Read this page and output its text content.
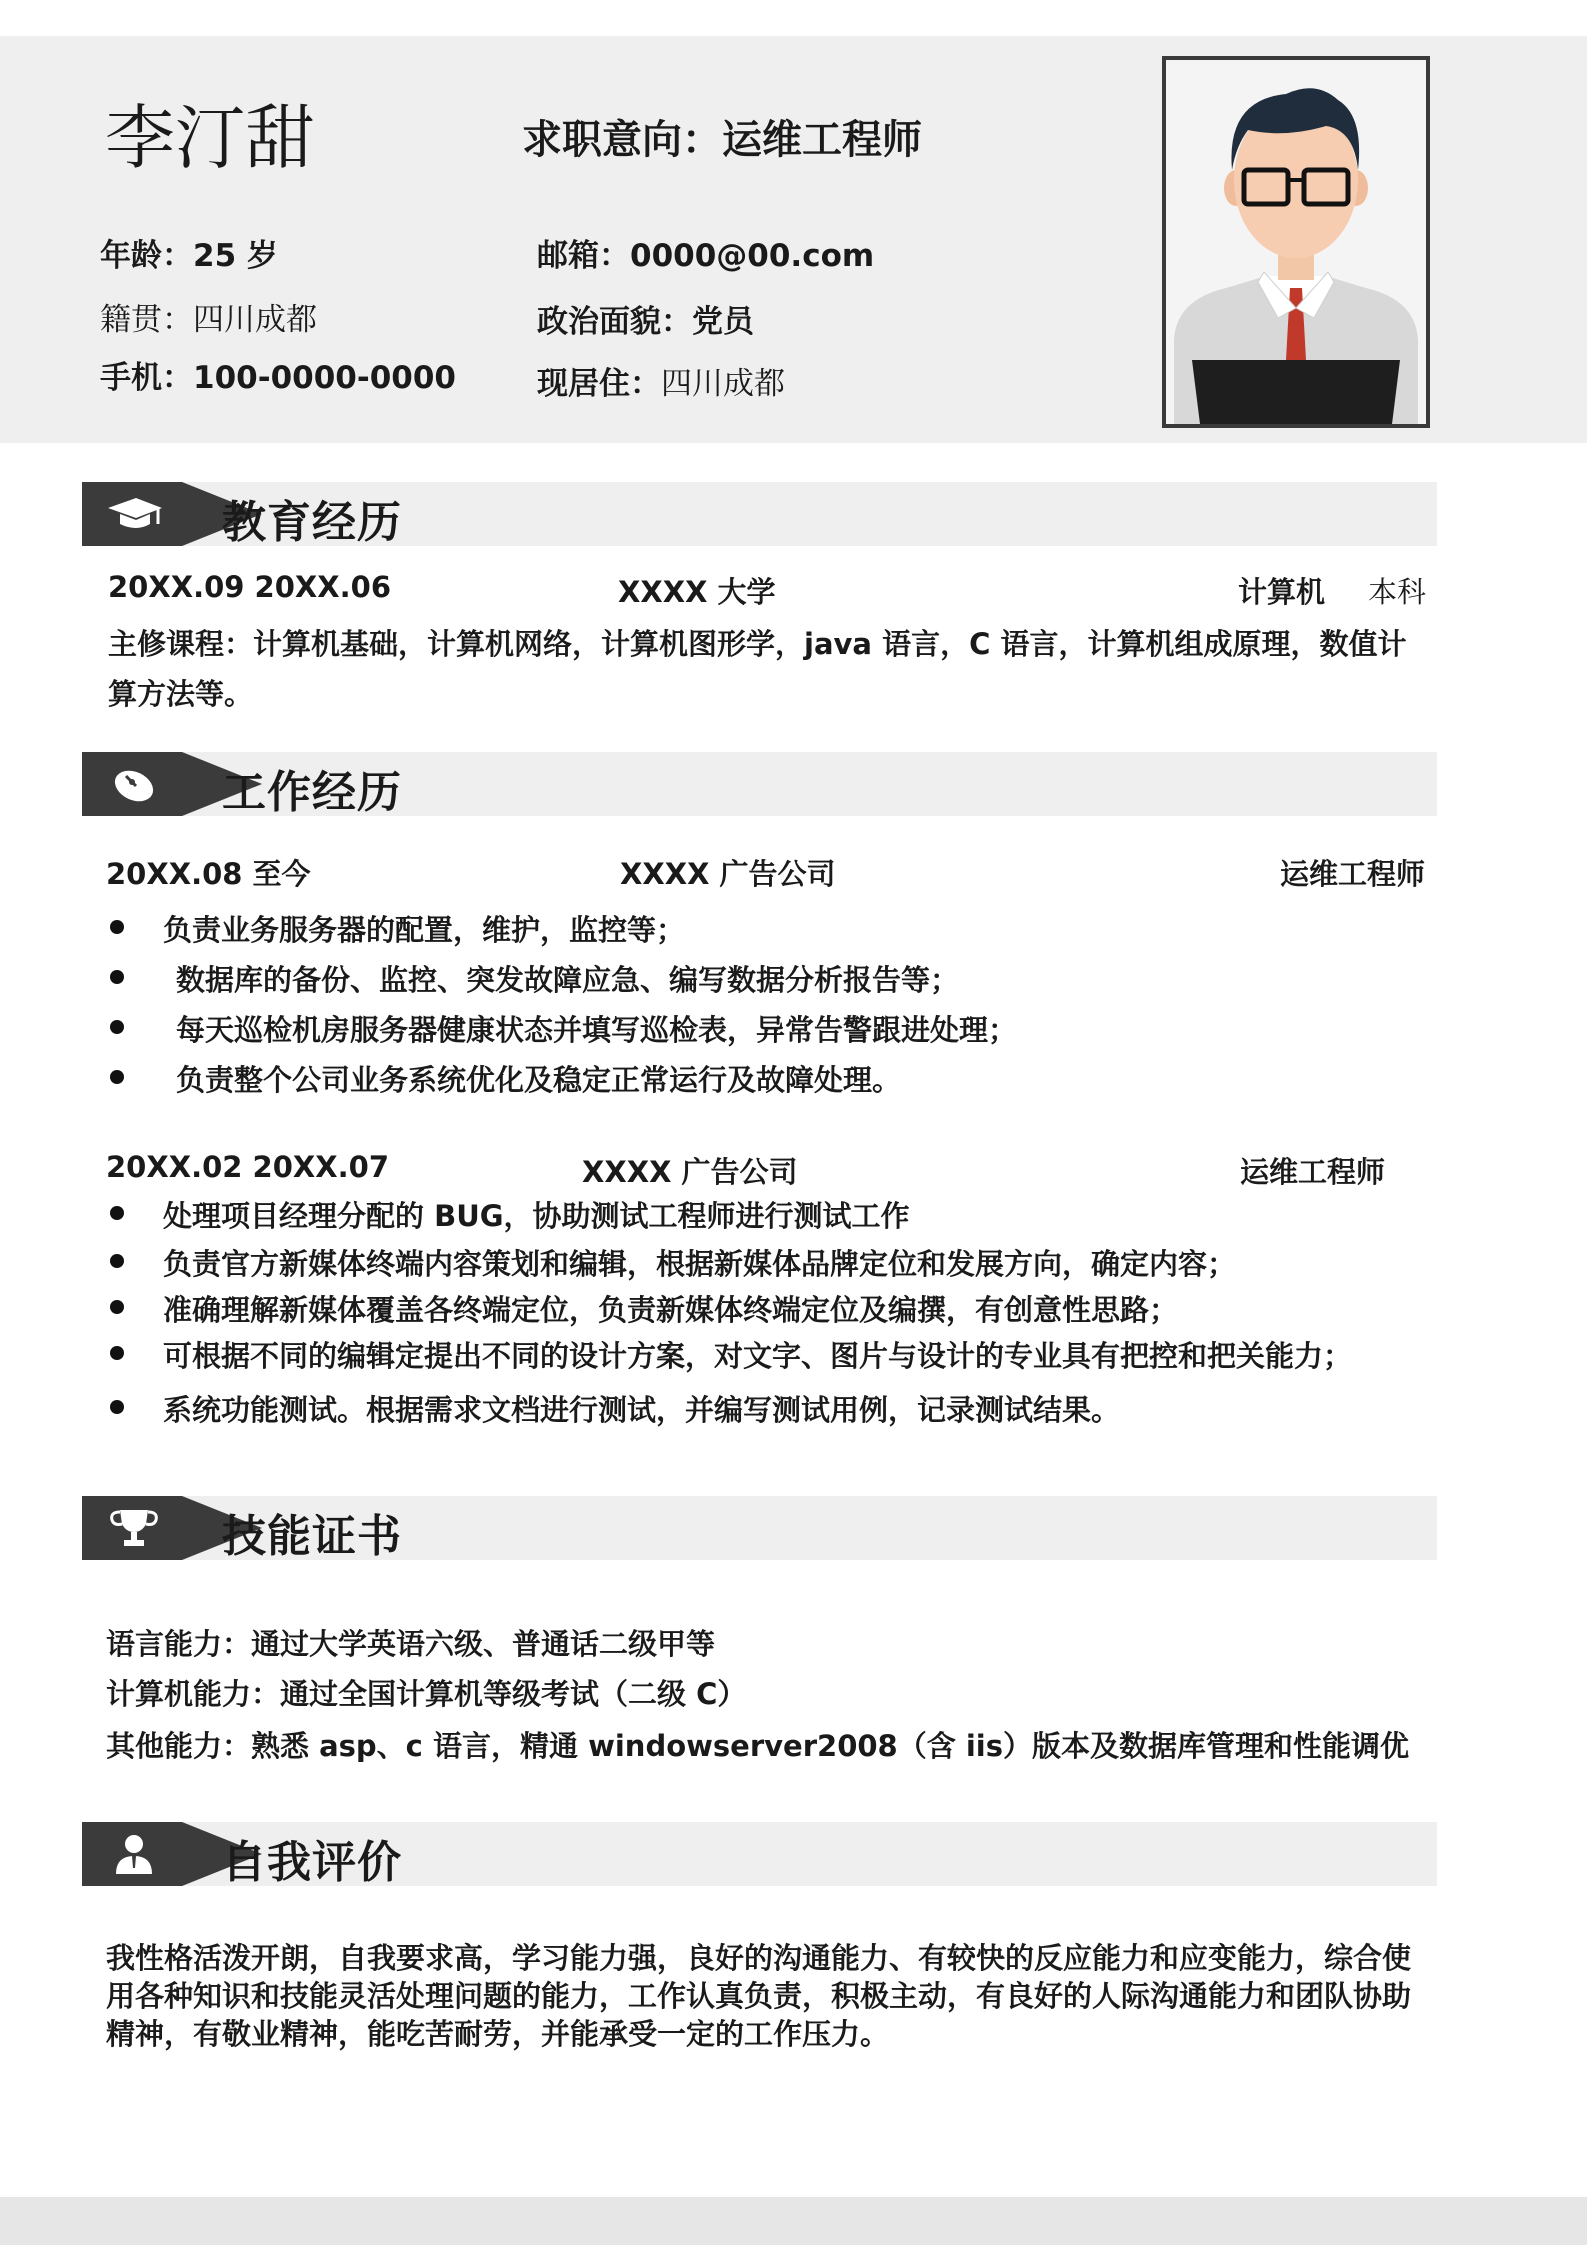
李汀甜	求职意向：运维工程师
年龄：25 岁
籍贯：四川成都
手机：100-0000-0000
邮箱：0000@00.com
政治面貌：党员
现居住：四川成都
教育经历
20XX.09 20XX.06	XXXX 大学	计算机 本科
主修课程：计算机基础，计算机网络，计算机图形学，java 语言，C 语言，计算机组成原理，数值计
算方法等。
工作经历
20XX.08 至今	XXXX 广告公司	运维工程师
负责业务服务器的配置，维护，监控等；
数据库的备份、监控、突发故障应急、编写数据分析报告等；
每天巡检机房服务器健康状态并填写巡检表，异常告警跟进处理；
负责整个公司业务系统优化及稳定正常运行及故障处理。
20XX.02 20XX.07	XXXX 广告公司	运维工程师
处理项目经理分配的 BUG，协助测试工程师进行测试工作
负责官方新媒体终端内容策划和编辑，根据新媒体品牌定位和发展方向，确定内容；
准确理解新媒体覆盖各终端定位，负责新媒体终端定位及编撰，有创意性思路；
可根据不同的编辑定提出不同的设计方案，对文字、图片与设计的专业具有把控和把关能力；
系统功能测试。根据需求文档进行测试，并编写测试用例，记录测试结果。
技能证书
语言能力：通过大学英语六级、普通话二级甲等
计算机能力：通过全国计算机等级考试（二级 C）
其他能力：熟悉 asp、c 语言，精通 windowserver2008（含 iis）版本及数据库管理和性能调优
自我评价
我性格活泼开朗，自我要求高，学习能力强，良好的沟通能力、有较快的反应能力和应变能力，综合使
用各种知识和技能灵活处理问题的能力，工作认真负责，积极主动，有良好的人际沟通能力和团队协助
精神，有敬业精神，能吃苦耐劳，并能承受一定的工作压力。
